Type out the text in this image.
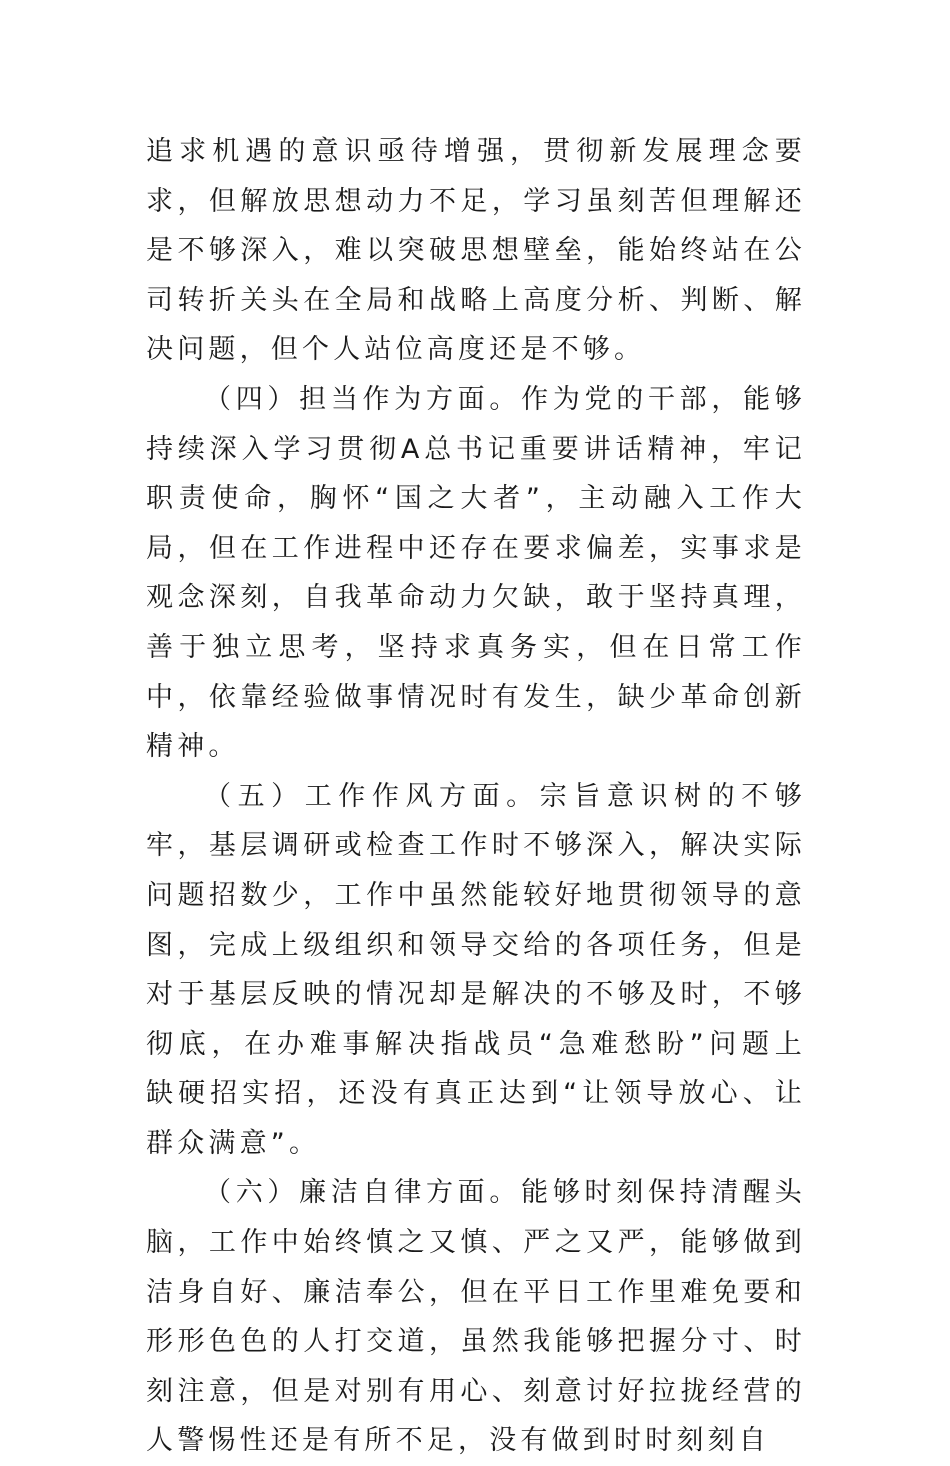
追求机遇的意识亟待增强，贯彻新发展理念要求，但解放思想动力不足，学习虽刻苦但理解还是不够深入，难以突破思想壁垒，能始终站在公司转折关头在全局和战略上高度分析、判断、解决问题，但个人站位高度还是不够。

（四）担当作为方面。作为党的干部，能够持续深入学习贯彻A总书记重要讲话精神，牢记职责使命，胸怀“国之大者”，主动融入工作大局，但在工作进程中还存在要求偏差，实事求是观念深刻，自我革命动力欠缺，敢于坚持真理，善于独立思考，坚持求真务实，但在日常工作中，依靠经验做事情况时有发生，缺少革命创新精神。

（五）工作作风方面。宗旨意识树的不够牢，基层调研或检查工作时不够深入，解决实际问题招数少，工作中虽然能较好地贯彻领导的意图，完成上级组织和领导交给的各项任务，但是对于基层反映的情况却是解决的不够及时，不够彻底，在办难事解决指战员“急难愁盼”问题上缺硬招实招，还没有真正达到“让领导放心、让群众满意”。

（六）廉洁自律方面。能够时刻保持清醒头脑，工作中始终慎之又慎、严之又严，能够做到洁身自好、廉洁奉公，但在平日工作里难免要和形形色色的人打交道，虽然我能够把握分寸、时刻注意，但是对别有用心、刻意讨好拉拢经营的人警惕性还是有所不足，没有做到时时刻刻自
